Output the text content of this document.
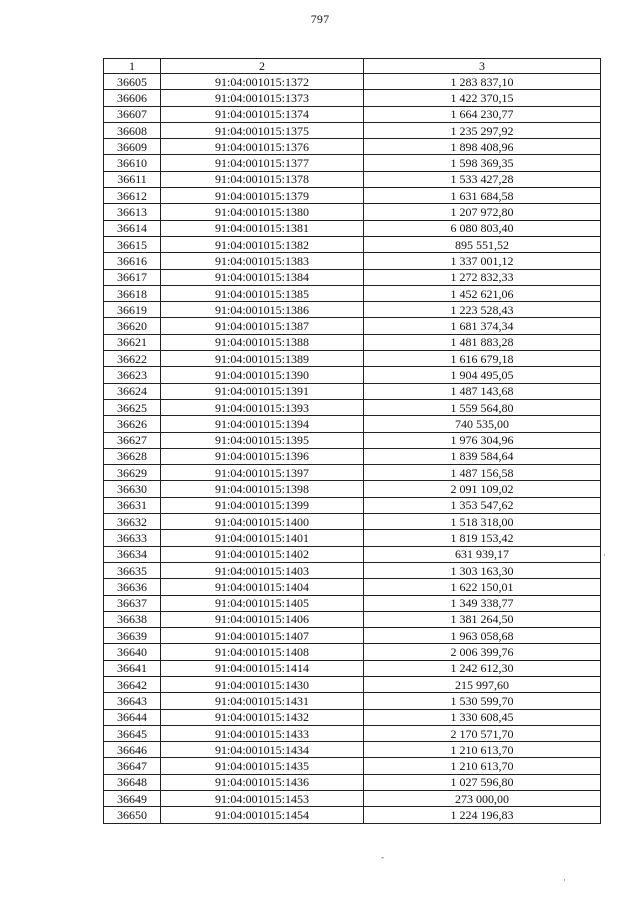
797
1	2	3
36605	91:04:001015:1372	1 283 837,10
36606	91:04:001015:1373	1 422 370,15
36607	91:04:001015:1374	1 664 230,77
36608	91:04:001015:1375	1 235 297,92
36609	91:04:001015:1376	1 898 408,96
36610	91:04:001015:1377	1 598 369,35
36611	91:04:001015:1378	1 533 427,28
36612	91:04:001015:1379	1 631 684,58
36613	91:04:001015:1380	1 207 972,80
36614	91:04:001015:1381	6 080 803,40
36615	91:04:001015:1382	895 551,52
36616	91:04:001015:1383	1 337 001,12
36617	91:04:001015:1384	1 272 832,33
36618	91:04:001015:1385	1 452 621,06
36619	91:04:001015:1386	1 223 528,43
36620	91:04:001015:1387	1 681 374,34
36621	91:04:001015:1388	1 481 883,28
36622	91:04:001015:1389	1 616 679,18
36623	91:04:001015:1390	1 904 495,05
36624	91:04:001015:1391	1 487 143,68
36625	91:04:001015:1393	1 559 564,80
36626	91:04:001015:1394	740 535,00
36627	91:04:001015:1395	1 976 304,96
36628	91:04:001015:1396	1 839 584,64
36629	91:04:001015:1397	1 487 156,58
36630	91:04:001015:1398	2 091 109,02
36631	91:04:001015:1399	1 353 547,62
36632	91:04:001015:1400	1 518 318,00
36633	91:04:001015:1401	1 819 153,42
36634	91:04:001015:1402	631 939,17
36635	91:04:001015:1403	1 303 163,30
36636	91:04:001015:1404	1 622 150,01
36637	91:04:001015:1405	1 349 338,77
36638	91:04:001015:1406	1 381 264,50
36639	91:04:001015:1407	1 963 058,68
36640	91:04:001015:1408	2 006 399,76
36641	91:04:001015:1414	1 242 612,30
36642	91:04:001015:1430	215 997,60
36643	91:04:001015:1431	1 530 599,70
36644	91:04:001015:1432	1 330 608,45
36645	91:04:001015:1433	2 170 571,70
36646	91:04:001015:1434	1 210 613,70
36647	91:04:001015:1435	1 210 613,70
36648	91:04:001015:1436	1 027 596,80
36649	91:04:001015:1453	273 000,00
36650	91:04:001015:1454	1 224 196,83
·
-
·
